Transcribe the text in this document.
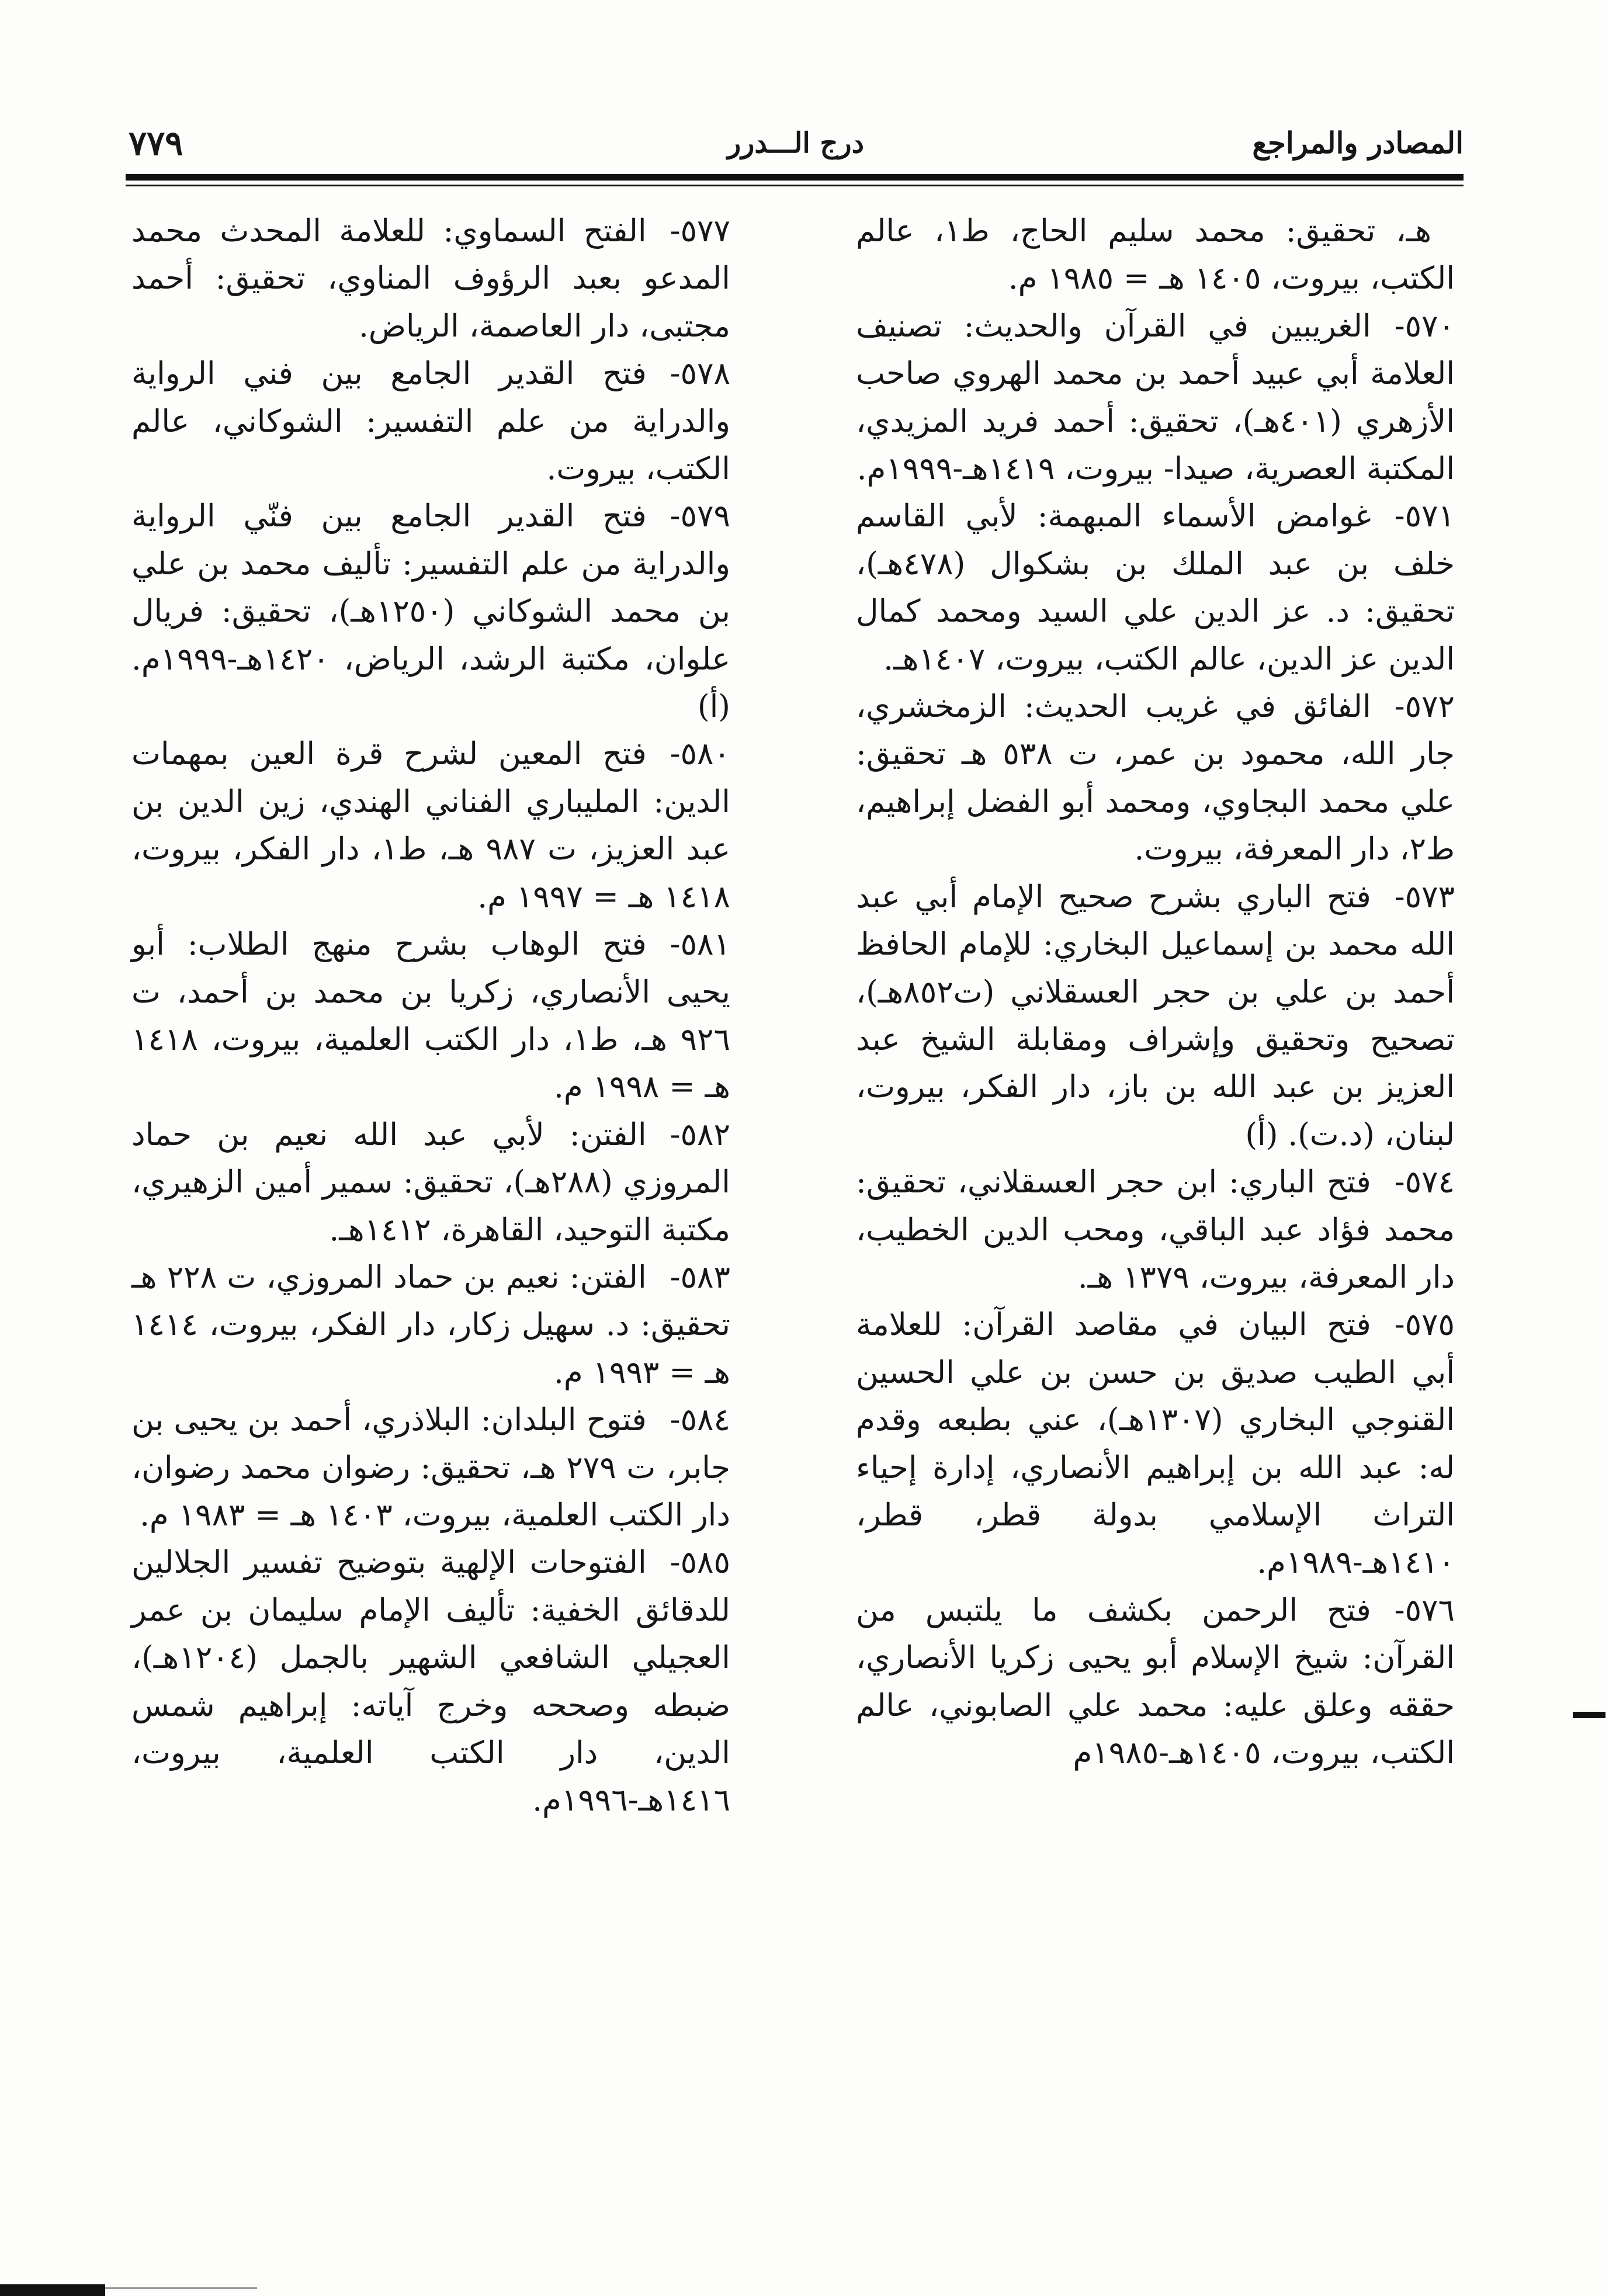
المصادر والمراجع
درج الـــدرر
٧٧٩

هـ، تحقيق: محمد سليم الحاج، ط١، عالم الكتب، بيروت، ١٤٠٥ هـ = ١٩٨٥ م.

٥٧٠-الغريبين في القرآن والحديث: تصنيف العلامة أبي عبيد أحمد بن محمد الهروي صاحب الأزهري (٤٠١هـ)، تحقيق: أحمد فريد المزيدي، المكتبة العصرية، صيدا- بيروت، ١٤١٩هـ-١٩٩٩م.

٥٧١-غوامض الأسماء المبهمة: لأبي القاسم خلف بن عبد الملك بن بشكوال (٤٧٨هـ)، تحقيق: د. عز الدين علي السيد ومحمد كمال الدين عز الدين، عالم الكتب، بيروت، ١٤٠٧هـ.

٥٧٢-الفائق في غريب الحديث: الزمخشري، جار الله، محمود بن عمر، ت ٥٣٨ هـ تحقيق: علي محمد البجاوي، ومحمد أبو الفضل إبراهيم، ط٢، دار المعرفة، بيروت.

٥٧٣-فتح الباري بشرح صحيح الإمام أبي عبد الله محمد بن إسماعيل البخاري: للإمام الحافظ أحمد بن علي بن حجر العسقلاني (ت٨٥٢هـ)، تصحيح وتحقيق وإشراف ومقابلة الشيخ عبد العزيز بن عبد الله بن باز، دار الفكر، بيروت، لبنان، (د.ت). (أ)

٥٧٤-فتح الباري: ابن حجر العسقلاني، تحقيق: محمد فؤاد عبد الباقي، ومحب الدين الخطيب، دار المعرفة، بيروت، ١٣٧٩ هـ.

٥٧٥-فتح البيان في مقاصد القرآن: للعلامة أبي الطيب صديق بن حسن بن علي الحسين القنوجي البخاري (١٣٠٧هـ)، عني بطبعه وقدم له: عبد الله بن إبراهيم الأنصاري، إدارة إحياء التراث الإسلامي بدولة قطر، قطر، ١٤١٠هـ-١٩٨٩م.

٥٧٦-فتح الرحمن بكشف ما يلتبس من القرآن: شيخ الإسلام أبو يحيى زكريا الأنصاري، حققه وعلق عليه: محمد علي الصابوني، عالم الكتب، بيروت، ١٤٠٥هـ-١٩٨٥م

٥٧٧-الفتح السماوي: للعلامة المحدث محمد المدعو بعبد الرؤوف المناوي، تحقيق: أحمد مجتبى، دار العاصمة، الرياض.

٥٧٨-فتح القدير الجامع بين فني الرواية والدراية من علم التفسير: الشوكاني، عالم الكتب، بيروت.

٥٧٩-فتح القدير الجامع بين فنّي الرواية والدراية من علم التفسير: تأليف محمد بن علي بن محمد الشوكاني (١٢٥٠هـ)، تحقيق: فريال علوان، مكتبة الرشد، الرياض، ١٤٢٠هـ-١٩٩٩م.(أ)

٥٨٠-فتح المعين لشرح قرة العين بمهمات الدين: المليباري الفناني الهندي، زين الدين بن عبد العزيز، ت ٩٨٧ هـ، ط١، دار الفكر، بيروت، ١٤١٨ هـ = ١٩٩٧ م.

٥٨١-فتح الوهاب بشرح منهج الطلاب: أبو يحيى الأنصاري، زكريا بن محمد بن أحمد، ت ٩٢٦ هـ، ط١، دار الكتب العلمية، بيروت، ١٤١٨ هـ = ١٩٩٨ م.

٥٨٢-الفتن: لأبي عبد الله نعيم بن حماد المروزي (٢٨٨هـ)، تحقيق: سمير أمين الزهيري، مكتبة التوحيد، القاهرة، ١٤١٢هـ.

٥٨٣-الفتن: نعيم بن حماد المروزي، ت ٢٢٨ هـ تحقيق: د. سهيل زكار، دار الفكر، بيروت، ١٤١٤ هـ = ١٩٩٣ م.

٥٨٤-فتوح البلدان: البلاذري، أحمد بن يحيى بن جابر، ت ٢٧٩ هـ، تحقيق: رضوان محمد رضوان، دار الكتب العلمية، بيروت، ١٤٠٣ هـ = ١٩٨٣ م.

٥٨٥-الفتوحات الإلهية بتوضيح تفسير الجلالين للدقائق الخفية: تأليف الإمام سليمان بن عمر العجيلي الشافعي الشهير بالجمل (١٢٠٤هـ)، ضبطه وصححه وخرج آياته: إبراهيم شمس الدين، دار الكتب العلمية، بيروت، ١٤١٦هـ-١٩٩٦م.
